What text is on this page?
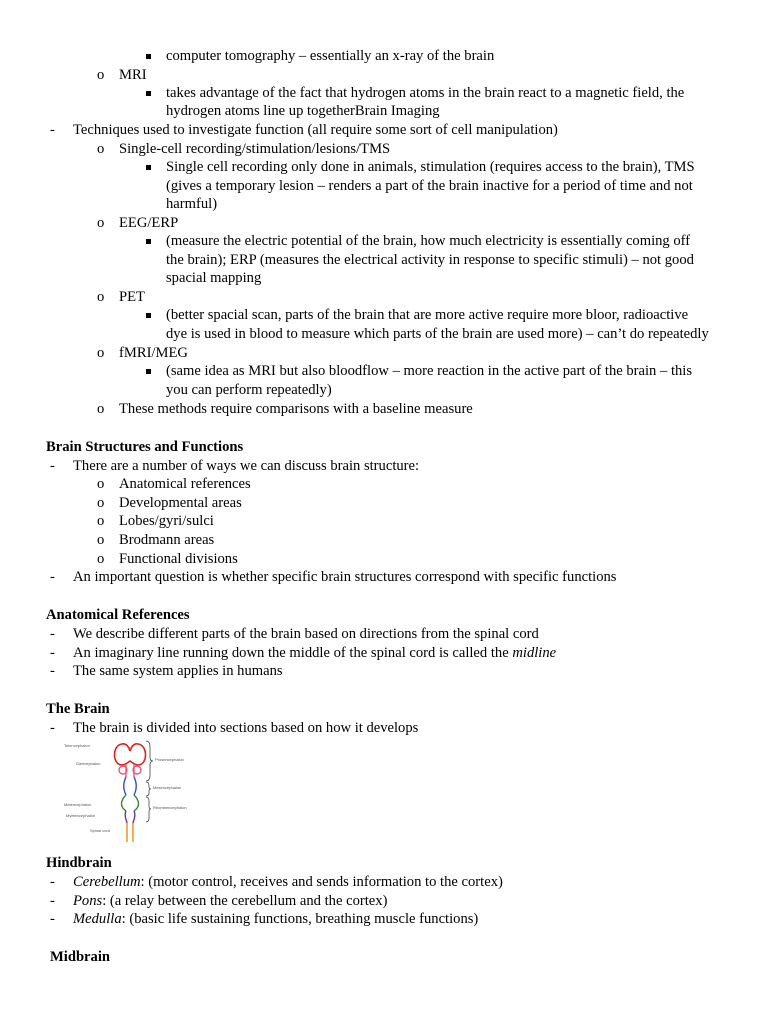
computer tomography – essentially an x-ray of the brain
o MRI
takes advantage of the fact that hydrogen atoms in the brain react to a magnetic field, the
hydrogen atoms line up togetherBrain Imaging
- Techniques used to investigate function (all require some sort of cell manipulation)
o Single-cell recording/stimulation/lesions/TMS
Single cell recording only done in animals, stimulation (requires access to the brain), TMS
(gives a temporary lesion – renders a part of the brain inactive for a period of time and not
harmful)
o EEG/ERP
(measure the electric potential of the brain, how much electricity is essentially coming off
the brain); ERP (measures the electrical activity in response to specific stimuli) – not good
spacial mapping
o PET
(better spacial scan, parts of the brain that are more active require more bloor, radioactive
dye is used in blood to measure which parts of the brain are used more) – can’t do repeatedly
o fMRI/MEG
(same idea as MRI but also bloodflow – more reaction in the active part of the brain – this
you can perform repeatedly)
o These methods require comparisons with a baseline measure
Brain Structures and Functions
- There are a number of ways we can discuss brain structure:
o Anatomical references
o Developmental areas
o Lobes/gyri/sulci
o Brodmann areas
o Functional divisions
- An important question is whether specific brain structures correspond with specific functions
Anatomical References
- We describe different parts of the brain based on directions from the spinal cord
- An imaginary line running down the middle of the spinal cord is called the midline
- The same system applies in humans
The Brain
- The brain is divided into sections based on how it develops
Telencephalon
Diencephalon
Metencephalon
Myelencephalon
Spinal cord
Prosencephalon
Mesencephalon
Rhombencephalon
Hindbrain
- Cerebellum: (motor control, receives and sends information to the cortex)
- Pons: (a relay between the cerebellum and the cortex)
- Medulla: (basic life sustaining functions, breathing muscle functions)
Midbrain
